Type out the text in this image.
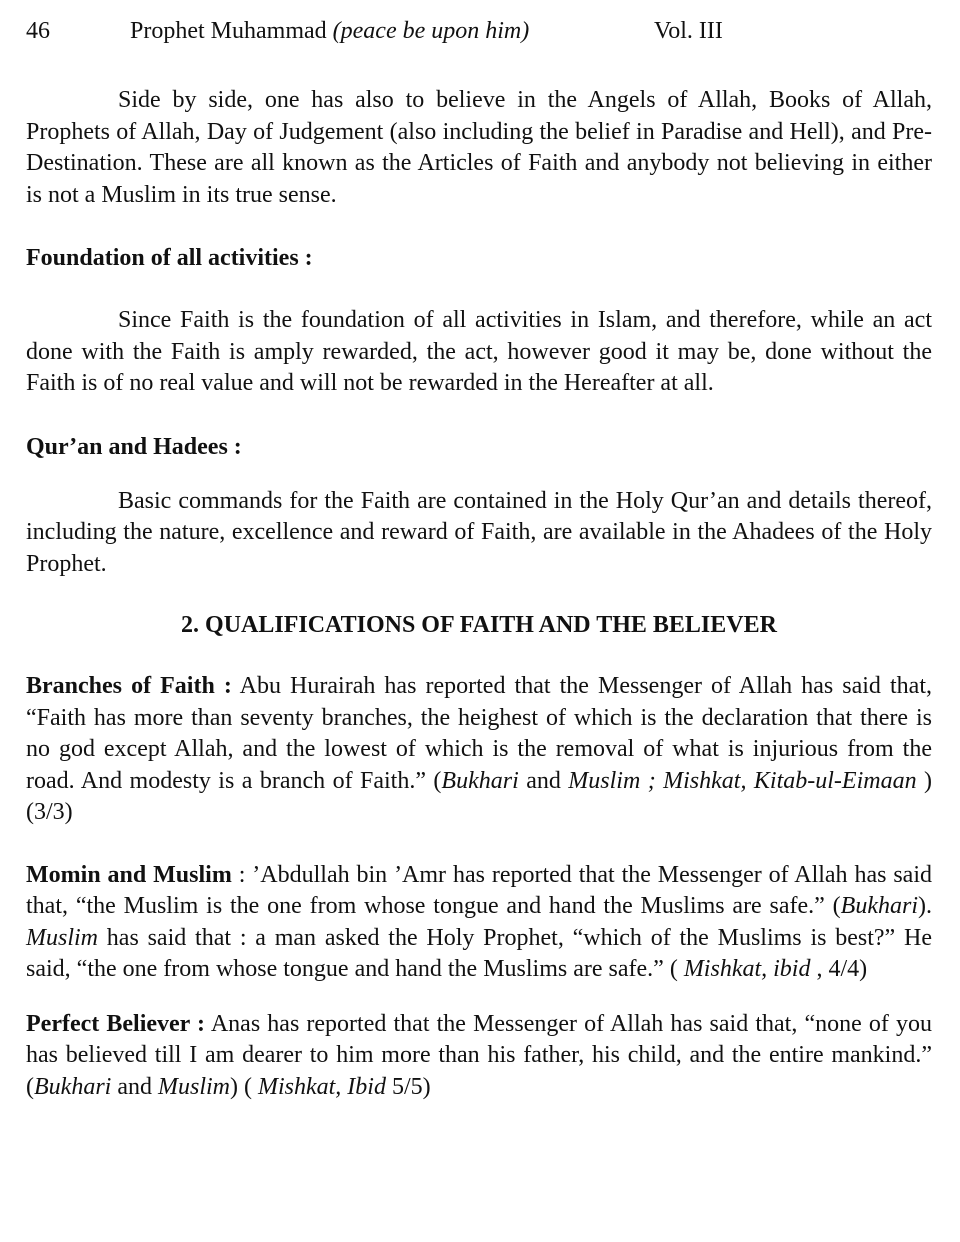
46	Prophet Muhammad (peace be upon him)	Vol. III

Side by side, one has also to believe in the Angels of Allah, Books of Allah, Prophets of Allah, Day of Judgement (also including the belief in Paradise and Hell), and Pre-Destination. These are all known as the Articles of Faith and anybody not believing in either is not a Muslim in its true sense.

Foundation of all activities :

Since Faith is the foundation of all activities in Islam, and therefore, while an act done with the Faith is amply rewarded, the act, however good it may be, done without the Faith is of no real value and will not be rewarded in the Hereafter at all.

Qur’an and Hadees :

Basic commands for the Faith are contained in the Holy Qur’an and details thereof, including the nature, excellence and reward of Faith, are available in the Ahadees of the Holy Prophet.

2. QUALIFICATIONS OF FAITH AND THE BELIEVER

Branches of Faith : Abu Hurairah has reported that the Messenger of Allah has said that, “Faith has more than seventy branches, the heighest of which is the declaration that there is no god except Allah, and the lowest of which is the removal of what is injurious from the road. And modesty is a branch of Faith.” (Bukhari and Muslim ; Mishkat, Kitab-ul-Eimaan ) (3/3)

Momin and Muslim : ’Abdullah bin ’Amr has reported that the Messenger of Allah has said that, “the Muslim is the one from whose tongue and hand the Muslims are safe.” (Bukhari). Muslim has said that : a man asked the Holy Prophet, “which of the Muslims is best?” He said, “the one from whose tongue and hand the Muslims are safe.” ( Mishkat, ibid , 4/4)

Perfect Believer : Anas has reported that the Messenger of Allah has said that, “none of you has believed till I am dearer to him more than his father, his child, and the entire mankind.” (Bukhari and Muslim) ( Mishkat, Ibid 5/5)
